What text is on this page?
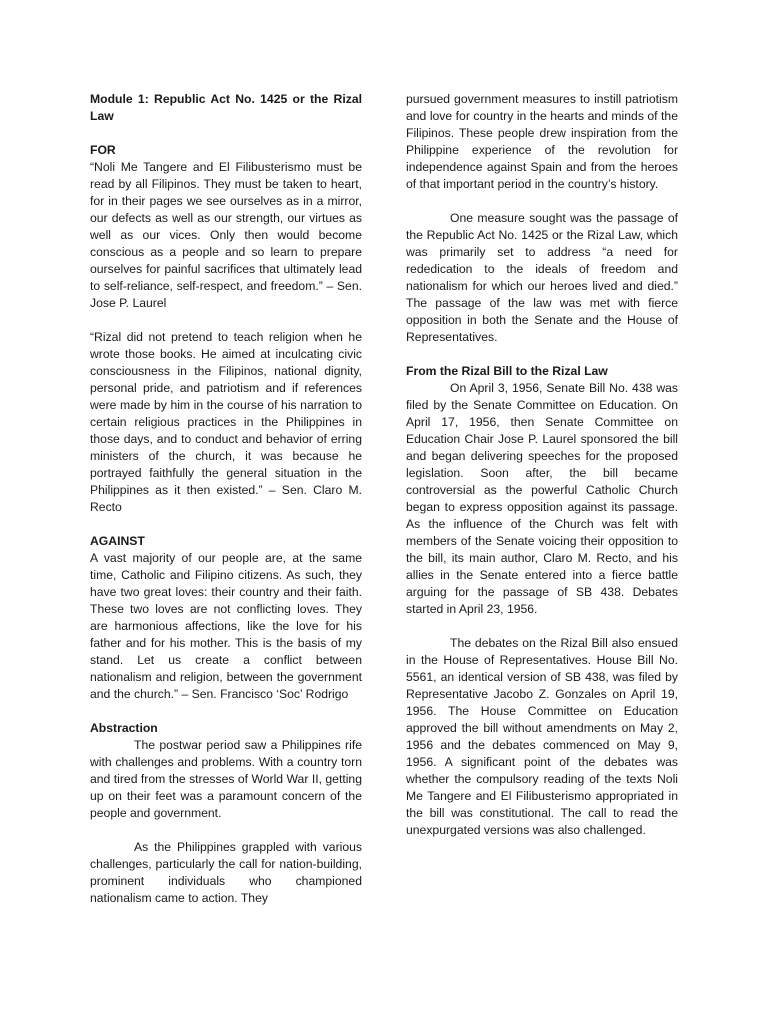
Module 1: Republic Act No. 1425 or the Rizal Law

FOR

“Noli Me Tangere and El Filibusterismo must be read by all Filipinos. They must be taken to heart, for in their pages we see ourselves as in a mirror, our defects as well as our strength, our virtues as well as our vices. Only then would become conscious as a people and so learn to prepare ourselves for painful sacrifices that ultimately lead to self-reliance, self-respect, and freedom.” – Sen. Jose P. Laurel

“Rizal did not pretend to teach religion when he wrote those books. He aimed at inculcating civic consciousness in the Filipinos, national dignity, personal pride, and patriotism and if references were made by him in the course of his narration to certain religious practices in the Philippines in those days, and to conduct and behavior of erring ministers of the church, it was because he portrayed faithfully the general situation in the Philippines as it then existed.” – Sen. Claro M. Recto

AGAINST

A vast majority of our people are, at the same time, Catholic and Filipino citizens. As such, they have two great loves: their country and their faith. These two loves are not conflicting loves. They are harmonious affections, like the love for his father and for his mother. This is the basis of my stand. Let us create a conflict between nationalism and religion, between the government and the church.” – Sen. Francisco ‘Soc’ Rodrigo

Abstraction

The postwar period saw a Philippines rife with challenges and problems. With a country torn and tired from the stresses of World War II, getting up on their feet was a paramount concern of the people and government.

As the Philippines grappled with various challenges, particularly the call for nation-building, prominent individuals who championed nationalism came to action. They

pursued government measures to instill patriotism and love for country in the hearts and minds of the Filipinos. These people drew inspiration from the Philippine experience of the revolution for independence against Spain and from the heroes of that important period in the country’s history.

One measure sought was the passage of the Republic Act No. 1425 or the Rizal Law, which was primarily set to address “a need for rededication to the ideals of freedom and nationalism for which our heroes lived and died.” The passage of the law was met with fierce opposition in both the Senate and the House of Representatives.

From the Rizal Bill to the Rizal Law

On April 3, 1956, Senate Bill No. 438 was filed by the Senate Committee on Education. On April 17, 1956, then Senate Committee on Education Chair Jose P. Laurel sponsored the bill and began delivering speeches for the proposed legislation. Soon after, the bill became controversial as the powerful Catholic Church began to express opposition against its passage. As the influence of the Church was felt with members of the Senate voicing their opposition to the bill, its main author, Claro M. Recto, and his allies in the Senate entered into a fierce battle arguing for the passage of SB 438. Debates started in April 23, 1956.

The debates on the Rizal Bill also ensued in the House of Representatives. House Bill No. 5561, an identical version of SB 438, was filed by Representative Jacobo Z. Gonzales on April 19, 1956. The House Committee on Education approved the bill without amendments on May 2, 1956 and the debates commenced on May 9, 1956. A significant point of the debates was whether the compulsory reading of the texts Noli Me Tangere and El Filibusterismo appropriated in the bill was constitutional. The call to read the unexpurgated versions was also challenged.
